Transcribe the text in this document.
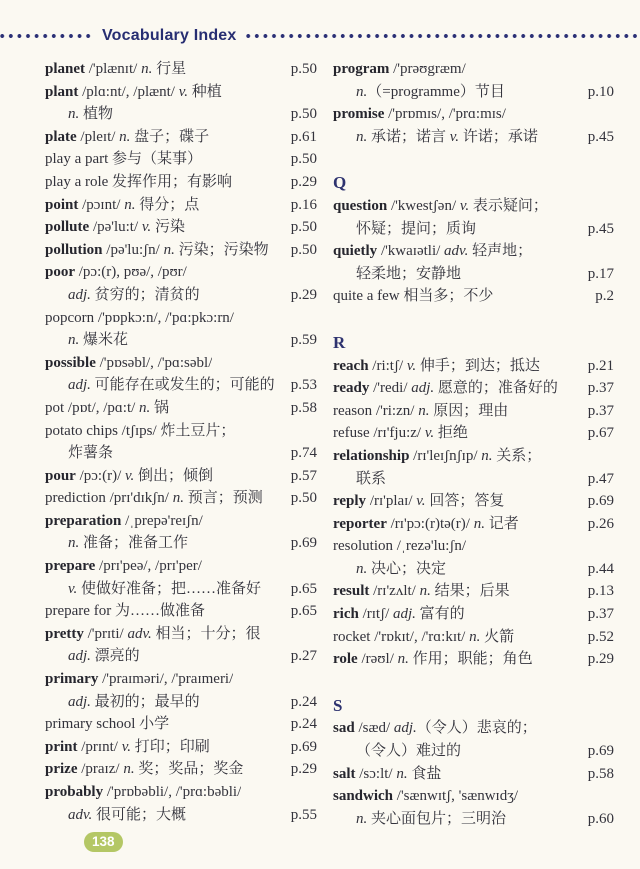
Vocabulary Index
planet /'plænɪt/ n. 行星	p.50
plant /plɑ:nt/, /plænt/ v. 种植
n. 植物	p.50
plate /pleɪt/ n. 盘子；碟子	p.61
play a part 参与（某事）	p.50
play a role 发挥作用；有影响	p.29
point /pɔɪnt/ n. 得分；点	p.16
pollute /pə'lu:t/ v. 污染	p.50
pollution /pə'lu:ʃn/ n. 污染；污染物 p.50
poor /pɔ:(r), pʊə/, /pʊr/
adj. 贫穷的；清贫的	p.29
popcorn /'pɒpkɔ:n/, /'pɑ:pkɔ:rn/
n. 爆米花	p.59
possible /'pɒsəbl/, /'pɑ:səbl/
adj. 可能存在或发生的；可能的 p.53
pot /pɒt/, /pɑ:t/ n. 锅	p.58
potato chips /tʃɪps/ 炸土豆片；
炸薯条	p.74
pour /pɔ:(r)/ v. 倒出；倾倒	p.57
prediction /prɪ'dɪkʃn/ n. 预言；预测 p.50
preparation /ˌprepə'reɪʃn/
n. 准备；准备工作	p.69
prepare /prɪ'peə/, /prɪ'per/
v. 使做好准备；把……准备好 p.65
prepare for 为……做准备	p.65
pretty /'prɪti/ adv. 相当；十分；很
adj. 漂亮的	p.27
primary /'praɪməri/, /'praɪmeri/
adj. 最初的；最早的	p.24
primary school 小学	p.24
print /prɪnt/ v. 打印；印刷	p.69
prize /praɪz/ n. 奖；奖品；奖金	p.29
probably /'prɒbəbli/, /'prɑ:bəbli/
adv. 很可能；大概	p.55
program /'prəʊgræm/
n.（=programme）节目	p.10
promise /'prɒmɪs/, /'prɑ:mɪs/
n. 承诺；诺言 v. 许诺；承诺	p.45
Q
question /'kwestʃən/ v. 表示疑问；
怀疑；提问；质询	p.45
quietly /'kwaɪətli/ adv. 轻声地；
轻柔地；安静地	p.17
quite a few 相当多；不少	p.2
R
reach /ri:tʃ/ v. 伸手；到达；抵达	p.21
ready /'redi/ adj. 愿意的；准备好的 p.37
reason /'ri:zn/ n. 原因；理由	p.37
refuse /rɪ'fju:z/ v. 拒绝	p.67
relationship /rɪ'leɪʃnʃɪp/ n. 关系；
联系	p.47
reply /rɪ'plaɪ/ v. 回答；答复	p.69
reporter /rɪ'pɔ:(r)tə(r)/ n. 记者	p.26
resolution /ˌrezə'lu:ʃn/
n. 决心；决定	p.44
result /rɪ'zʌlt/ n. 结果；后果	p.13
rich /rɪtʃ/ adj. 富有的	p.37
rocket /'rɒkɪt/, /'rɑ:kɪt/ n. 火箭	p.52
role /rəʊl/ n. 作用；职能；角色	p.29
S
sad /sæd/ adj.（令人）悲哀的；
（令人）难过的	p.69
salt /sɔ:lt/ n. 食盐	p.58
sandwich /'sænwɪtʃ, 'sænwɪdʒ/
n. 夹心面包片；三明治	p.60
138
